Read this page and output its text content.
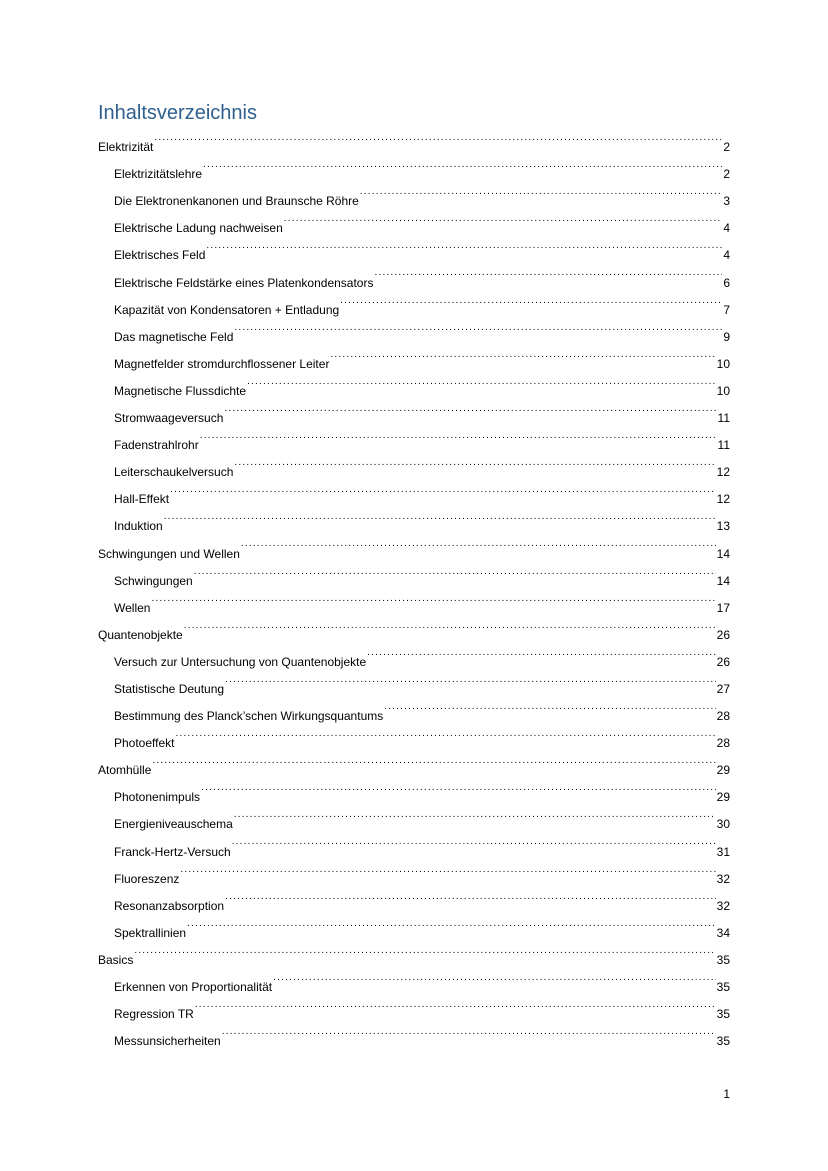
Inhaltsverzeichnis
Elektrizität .....	2
Elektrizitätslehre .....	2
Die Elektronenkanonen und Braunsche Röhre .....	3
Elektrische Ladung nachweisen .....	4
Elektrisches Feld .....	4
Elektrische Feldstärke eines Platenkondensators .....	6
Kapazität von Kondensatoren + Entladung .....	7
Das magnetische Feld .....	9
Magnetfelder stromdurchflossener Leiter .....	10
Magnetische Flussdichte .....	10
Stromwaageversuch .....	11
Fadenstrahlrohr .....	11
Leiterschaukelversuch .....	12
Hall-Effekt .....	12
Induktion .....	13
Schwingungen und Wellen .....	14
Schwingungen .....	14
Wellen .....	17
Quantenobjekte .....	26
Versuch zur Untersuchung von Quantenobjekte .....	26
Statistische Deutung .....	27
Bestimmung des Planck’schen Wirkungsquantums .....	28
Photoeffekt .....	28
Atomhülle .....	29
Photonenimpuls .....	29
Energieniveauschema .....	30
Franck-Hertz-Versuch .....	31
Fluoreszenz .....	32
Resonanzabsorption .....	32
Spektrallinien .....	34
Basics .....	35
Erkennen von Proportionalität .....	35
Regression TR .....	35
Messunsicherheiten .....	35
1
